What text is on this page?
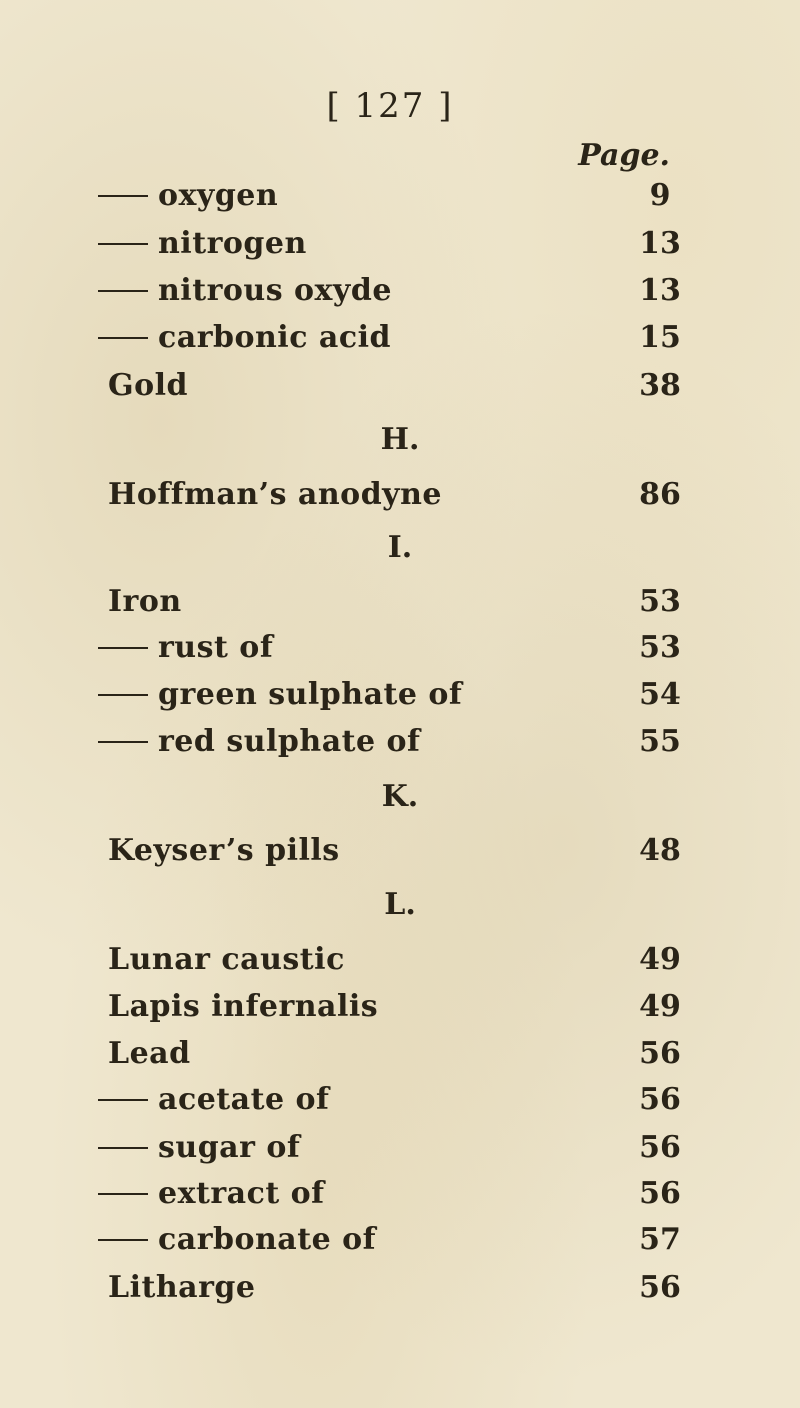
[ 127 ]
Page.
oxygen	9
nitrogen	13
nitrous oxyde	13
carbonic acid	15
Gold	38
H.
Hoffman’s anodyne	86
I.
Iron	53
rust of	53
green sulphate of	54
red sulphate of	55
K.
Keyser’s pills	48
L.
Lunar caustic	49
Lapis infernalis	49
Lead	56
acetate of	56
sugar of	56
extract of	56
carbonate of	57
Litharge	56
